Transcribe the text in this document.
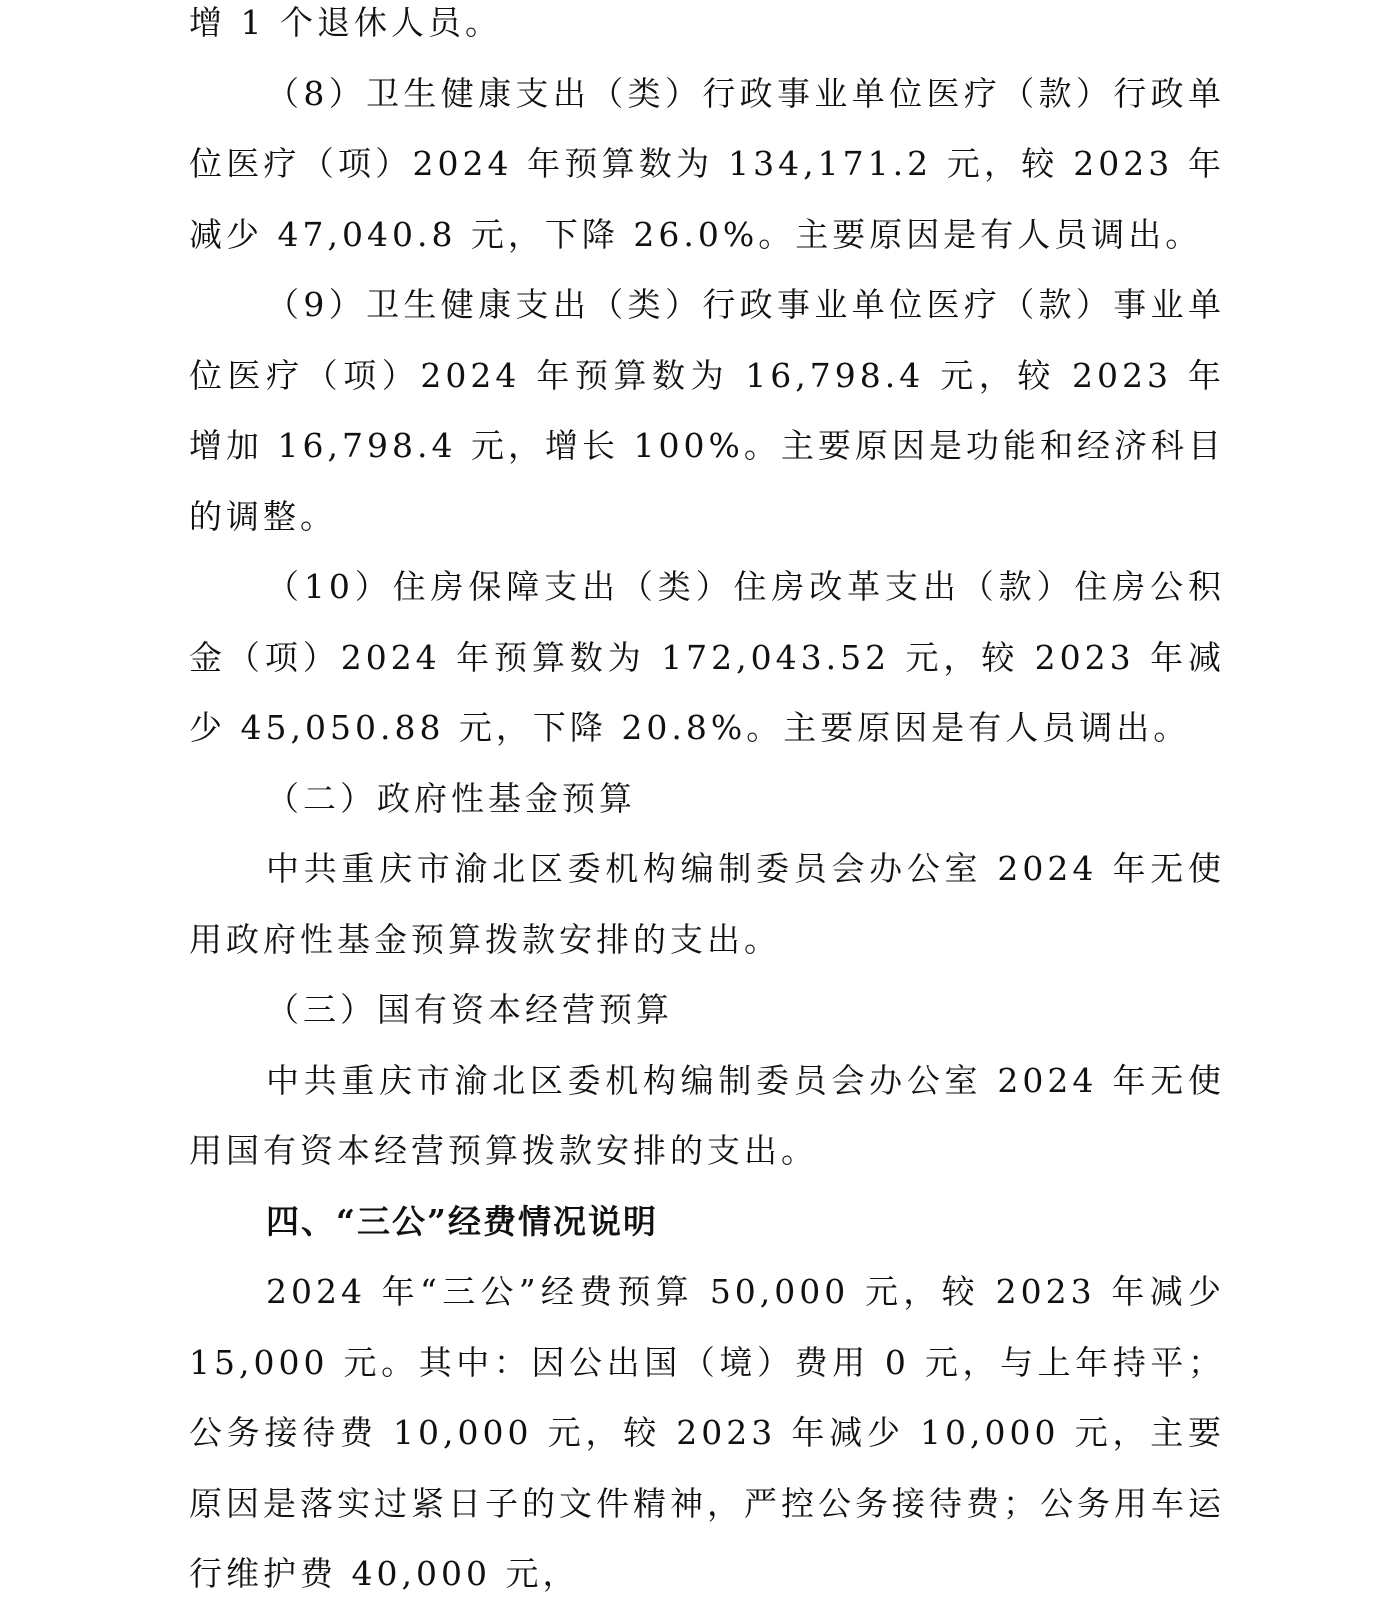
增 1 个退休人员。

（8）卫生健康支出（类）行政事业单位医疗（款）行政单位医疗（项）2024 年预算数为 134,171.2 元，较 2023 年减少 47,040.8 元，下降 26.0%。主要原因是有人员调出。

（9）卫生健康支出（类）行政事业单位医疗（款）事业单位医疗（项）2024 年预算数为 16,798.4 元，较 2023 年增加 16,798.4 元，增长 100%。主要原因是功能和经济科目的调整。

（10）住房保障支出（类）住房改革支出（款）住房公积金（项）2024 年预算数为 172,043.52 元，较 2023 年减少 45,050.88 元，下降 20.8%。主要原因是有人员调出。

（二）政府性基金预算

中共重庆市渝北区委机构编制委员会办公室 2024 年无使用政府性基金预算拨款安排的支出。

（三）国有资本经营预算

中共重庆市渝北区委机构编制委员会办公室 2024 年无使用国有资本经营预算拨款安排的支出。

四、“三公”经费情况说明

2024 年“三公”经费预算 50,000 元，较 2023 年减少 15,000 元。其中：因公出国（境）费用 0 元，与上年持平；公务接待费 10,000 元，较 2023 年减少 10,000 元，主要原因是落实过紧日子的文件精神，严控公务接待费；公务用车运行维护费 40,000 元，
